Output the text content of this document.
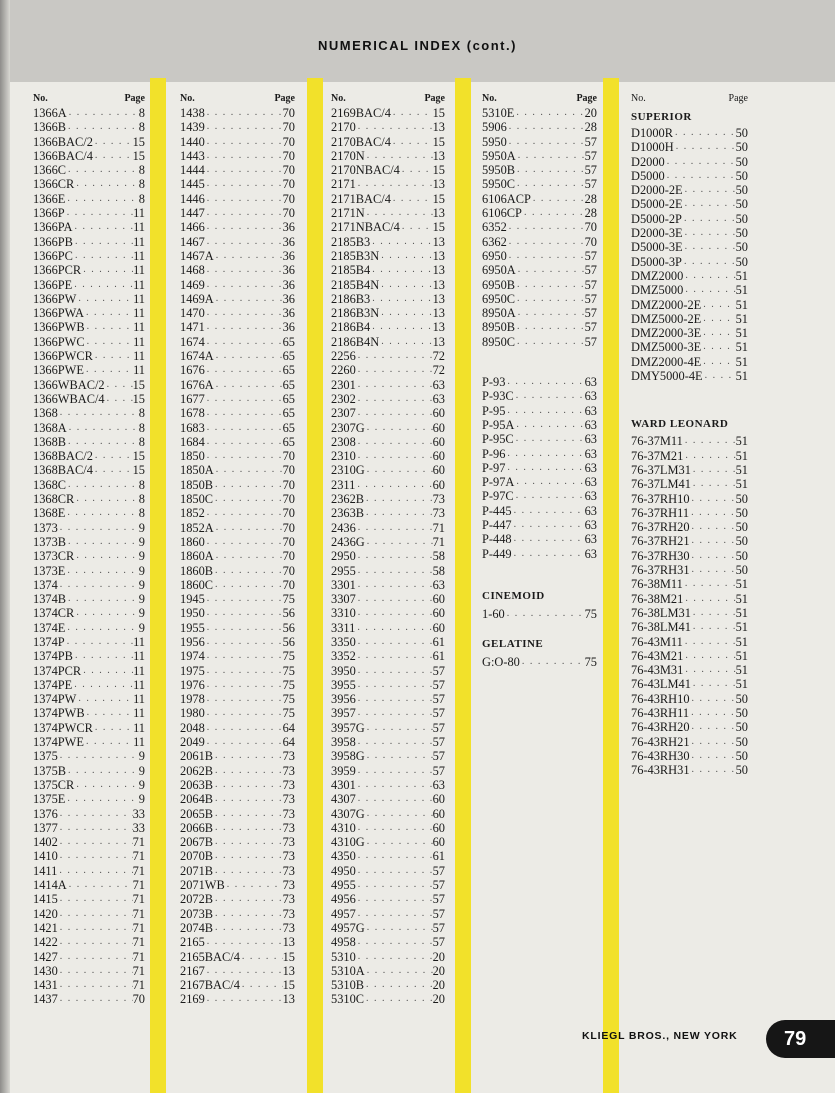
NUMERICAL INDEX (cont.)
No.	Page
1366A . . .	8
1366B . . .	8
1366BAC/2 . . .	15
1366BAC/4 . . .	15
1366C . . .	8
1366CR . . .	8
1366E . . .	8
1366P . . .	11
1366PA . . .	11
1366PB . . .	11
1366PC . . .	11
1366PCR . . .	11
1366PE . . .	11
1366PW . . .	11
1366PWA . . .	11
1366PWB . . .	11
1366PWC . . .	11
1366PWCR . . .	11
1366PWE . . .	11
1366WBAC/2 . . . 15
1366WBAC/4 . . . 15
1368 . . .	8
1368A . . .	8
1368B . . .	8
1368BAC/2 . . .	15
1368BAC/4 . . .	15
1368C . . .	8
1368CR . . .	8
1368E . . .	8
1373 . . .	9
1373B . . .	9
1373CR . . .	9
1373E . . .	9
1374 . . .	9
1374B . . .	9
1374CR . . .	9
1374E . . .	9
1374P . . .	11
1374PB . . .	11
1374PCR . . .	11
1374PE . . .	11
1374PW . . .	11
1374PWB . . .	11
1374PWCR . . .	11
1374PWE . . .	11
1375 . . .	9
1375B . . .	9
1375CR . . .	9
1375E . . .	9
1376 . . .	33
1377 . . .	33
1402 . . .	71
1410 . . .	71
1411 . . .	71
1414A . . .	71
1415 . . .	71
1420 . . .	71
1421 . . .	71
1422 . . .	71
1427 . . .	71
1430 . . .	71
1431 . . .	71
1437 . . .	70
No.	Page
1438 . . .	70
1439 . . .	70
1440 . . .	70
1443 . . .	70
1444 . . .	70
1445 . . .	70
1446 . . .	70
1447 . . .	70
1466 . . .	36
1467 . . .	36
1467A . . .	36
1468 . . .	36
1469 . . .	36
1469A . . .	36
1470 . . .	36
1471 . . .	36
1674 . . .	65
1674A . . .	65
1676 . . .	65
1676A . . .	65
1677 . . .	65
1678 . . .	65
1683 . . .	65
1684 . . .	65
1850 . . .	70
1850A . . .	70
1850B . . .	70
1850C . . .	70
1852 . . .	70
1852A . . .	70
1860 . . .	70
1860A . . .	70
1860B . . .	70
1860C . . .	70
1945 . . .	75
1950 . . .	56
1955 . . .	56
1956 . . .	56
1974 . . .	75
1975 . . .	75
1976 . . .	75
1978 . . .	75
1980 . . .	75
2048 . . .	64
2049 . . .	64
2061B . . .	73
2062B . . .	73
2063B . . .	73
2064B . . .	73
2065B . . .	73
2066B . . .	73
2067B . . .	73
2070B . . .	73
2071B . . .	73
2071WB . . .	73
2072B . . .	73
2073B . . .	73
2074B . . .	73
2165 . . .	13
2165BAC/4 . . .	15
2167 . . .	13
2167BAC/4 . . .	15
2169 . . .	13
No.	Page
2169BAC/4 . . .	15
2170 . . .	13
2170BAC/4 . . .	15
2170N . . .	13
2170NBAC/4 . . .	15
2171 . . .	13
2171BAC/4 . . .	15
2171N . . .	13
2171NBAC/4 . . .	15
2185B3 . . .	13
2185B3N . . .	13
2185B4 . . .	13
2185B4N . . .	13
2186B3 . . .	13
2186B3N . . .	13
2186B4 . . .	13
2186B4N . . .	13
2256 . . .	72
2260 . . .	72
2301 . . .	63
2302 . . .	63
2307 . . .	60
2307G . . .	60
2308 . . .	60
2310 . . .	60
2310G . . .	60
2311 . . .	60
2362B . . .	73
2363B . . .	73
2436 . . .	71
2436G . . .	71
2950 . . .	58
2955 . . .	58
3301 . . .	63
3307 . . .	60
3310 . . .	60
3311 . . .	60
3350 . . .	61
3352 . . .	61
3950 . . .	57
3955 . . .	57
3956 . . .	57
3957 . . .	57
3957G . . .	57
3958 . . .	57
3958G . . .	57
3959 . . .	57
4301 . . .	63
4307 . . .	60
4307G . . .	60
4310 . . .	60
4310G . . .	60
4350 . . .	61
4950 . . .	57
4955 . . .	57
4956 . . .	57
4957 . . .	57
4957G . . .	57
4958 . . .	57
5310 . . .	20
5310A . . .	20
5310B . . .	20
5310C . . .	20
No.	Page
5310E . . .	20
5906 . . .	28
5950 . . .	57
5950A . . .	57
5950B . . .	57
5950C . . .	57
6106ACP . . .	28
6106CP . . .	28
6352 . . .	70
6362 . . .	70
6950 . . .	57
6950A . . .	57
6950B . . .	57
6950C . . .	57
8950A . . .	57
8950B . . .	57
8950C . . .	57
P-93 . . .	63
P-93C . . .	63
P-95 . . .	63
P-95A . . .	63
P-95C . . .	63
P-96 . . .	63
P-97 . . .	63
P-97A . . .	63
P-97C . . .	63
P-445 . . .	63
P-447 . . .	63
P-448 . . .	63
P-449 . . .	63
CINEMOID
1-60 . . .	75
GELATINE
G:O-80 . . .	75
No.	Page
SUPERIOR
D1000R . . .	50
D1000H . . .	50
D2000 . . .	50
D5000 . . .	50
D2000-2E . . .	50
D5000-2E . . .	50
D5000-2P . . .	50
D2000-3E . . .	50
D5000-3E . . .	50
D5000-3P . . .	50
DMZ2000 . . .	51
DMZ5000 . . .	51
DMZ2000-2E . . .	51
DMZ5000-2E . . .	51
DMZ2000-3E . . .	51
DMZ5000-3E . . .	51
DMZ2000-4E . . .	51
DMY5000-4E . . .	51
WARD LEONARD
76-37M11 . . .	51
76-37M21 . . .	51
76-37LM31 . . .	51
76-37LM41 . . .	51
76-37RH10 . . .	50
76-37RH11 . . .	50
76-37RH20 . . .	50
76-37RH21 . . .	50
76-37RH30 . . .	50
76-37RH31 . . .	50
76-38M11 . . .	51
76-38M21 . . .	51
76-38LM31 . . .	51
76-38LM41 . . .	51
76-43M11 . . .	51
76-43M21 . . .	51
76-43M31 . . .	51
76-43LM41 . . .	51
76-43RH10 . . .	50
76-43RH11 . . .	50
76-43RH20 . . .	50
76-43RH21 . . .	50
76-43RH30 . . .	50
76-43RH31 . . .	50
KLIEGL BROS., NEW YORK	79
